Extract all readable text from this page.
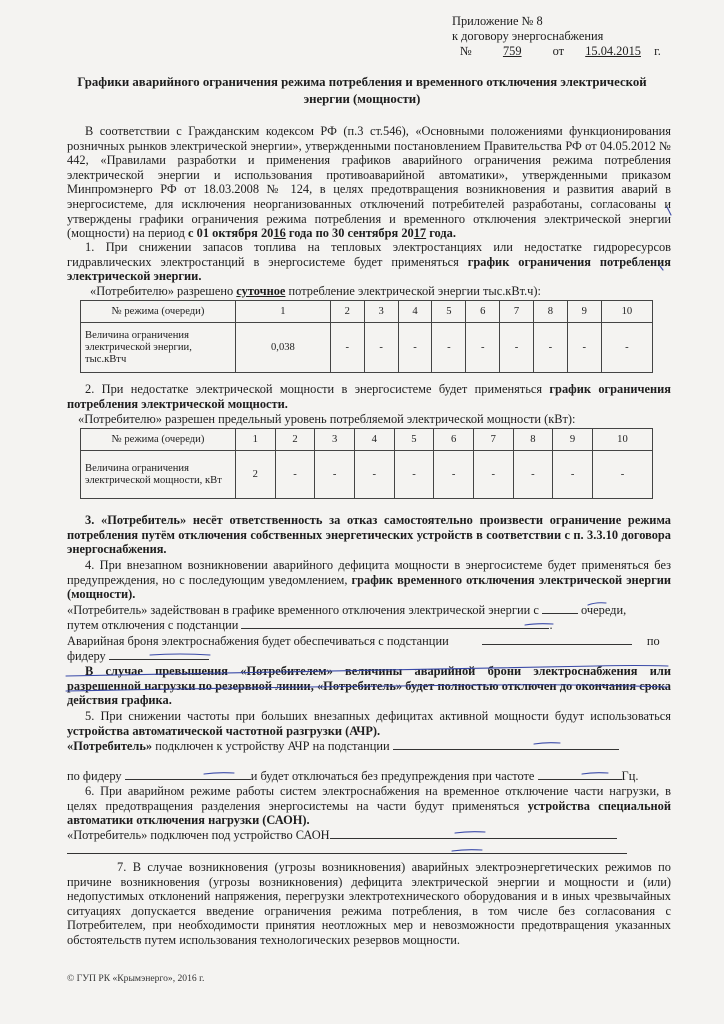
Приложение № 8
к договору энергоснабжения
№	759	от 15.04.2015 г.
Графики аварийного ограничения режима потребления и временного отключения электрической энергии (мощности)
В соответствии с Гражданским кодексом РФ (п.3 ст.546), «Основными положениями функционирования розничных рынков электрической энергии», утвержденными постановлением Правительства РФ от 04.05.2012 № 442, «Правилами разработки и применения графиков аварийного ограничения режима потребления электрической энергии и использования противоаварийной автоматики», утвержденными приказом Минпромэнерго РФ от 18.03.2008 № 124, в целях предотвращения возникновения и развития аварий в энергосистеме, для исключения неорганизованных отключений потребителей разработаны, согласованы и утверждены графики ограничения режима потребления и временного отключения электрической энергии (мощности) на период с 01 октября 2016 года по 30 сентября 2017 года.
1. При снижении запасов топлива на тепловых электростанциях или недостатке гидроресурсов гидравлических электростанций в энергосистеме будет применяться график ограничения потребления электрической энергии.
«Потребителю» разрешено суточное потребление электрической энергии тыс.кВт.ч):
№ режима (очереди)	1	2	3	4	5	6	7	8	9	10
Величина ограничения электрической энергии, тыс.кВтч	0,038	-	-	-	-	-	-	-	-	-
2. При недостатке электрической мощности в энергосистеме будет применяться график ограничения потребления электрической мощности.
«Потребителю» разрешен предельный уровень потребляемой электрической мощности (кВт):
№ режима (очереди)	1	2	3	4	5	6	7	8	9	10
Величина ограничения электрической мощности, кВт	2	-	-	-	-	-	-	-	-	-
3. «Потребитель» несёт ответственность за отказ самостоятельно произвести ограничение режима потребления путём отключения собственных энергетических устройств в соответствии с п. 3.3.10 договора энергоснабжения.
4. При внезапном возникновении аварийного дефицита мощности в энергосистеме будет применяться без предупреждения, но с последующим уведомлением, график временного отключения электрической энергии (мощности).
«Потребитель» задействован в графике временного отключения электрической энергии с	очереди,
путем отключения с подстанции	.
Аварийная броня электроснабжения будет обеспечиваться с подстанции	по
фидеру
В случае превышения «Потребителем» величины аварийной брони электроснабжения или разрешенной нагрузки по резервной линии, «Потребитель» будет полностью отключен до окончания срока действия графика.
5. При снижении частоты при больших внезапных дефицитах активной мощности будут использоваться устройства автоматической частотной разгрузки (АЧР).
«Потребитель» подключен к устройству АЧР на подстанции
по фидеру	и будет отключаться без предупреждения при частоте	Гц.
6. При аварийном режиме работы систем электроснабжения на временное отключение части нагрузки, в целях предотвращения разделения энергосистемы на части будут применяться устройства специальной автоматики отключения нагрузки (САОН).
«Потребитель» подключен под устройство САОН
7. В случае возникновения (угрозы возникновения) аварийных электроэнергетических режимов по причине возникновения (угрозы возникновения) дефицита электрической энергии и мощности и (или) недопустимых отклонений напряжения, перегрузки электротехнического оборудования и в иных чрезвычайных ситуациях допускается введение ограничения режима потребления, в том числе без согласования с Потребителем, при необходимости принятия неотложных мер и невозможности предотвращения указанных обстоятельств путем использования технологических резервов мощности.
© ГУП РК «Крымэнерго», 2016 г.
